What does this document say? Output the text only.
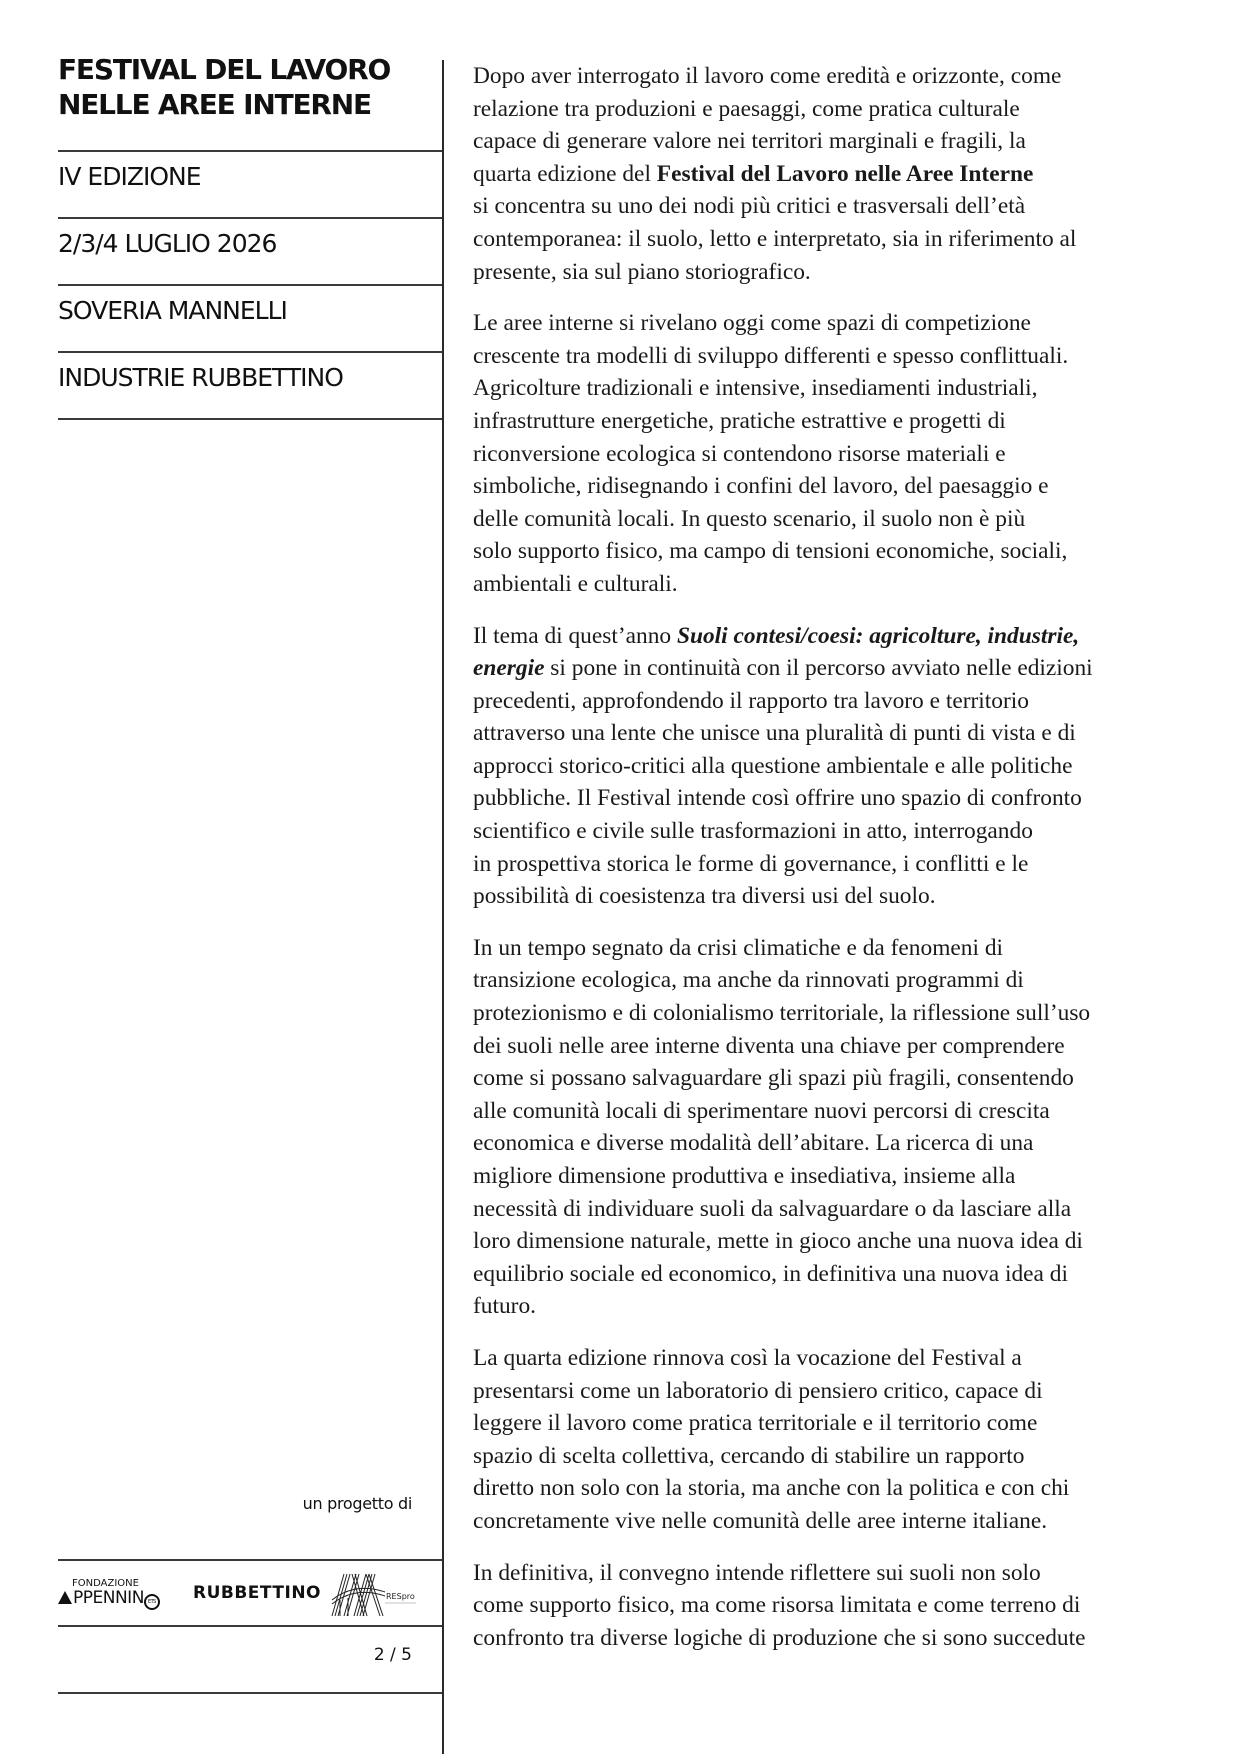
FESTIVAL DEL LAVORO
NELLE AREE INTERNE
IV EDIZIONE
2/3/4 LUGLIO 2026
SOVERIA MANNELLI
INDUSTRIE RUBBETTINO
un progetto di
FONDAZIONE
PPENNIN ETS RUBBETTINO	RESpro
2 / 5

Dopo aver interrogato il lavoro come eredità e orizzonte, come
relazione tra produzioni e paesaggi, come pratica culturale
capace di generare valore nei territori marginali e fragili, la
quarta edizione del Festival del Lavoro nelle Aree Interne
si concentra su uno dei nodi più critici e trasversali dell’età
contemporanea: il suolo, letto e interpretato, sia in riferimento al
presente, sia sul piano storiografico.

Le aree interne si rivelano oggi come spazi di competizione
crescente tra modelli di sviluppo differenti e spesso conflittuali.
Agricolture tradizionali e intensive, insediamenti industriali,
infrastrutture energetiche, pratiche estrattive e progetti di
riconversione ecologica si contendono risorse materiali e
simboliche, ridisegnando i confini del lavoro, del paesaggio e
delle comunità locali. In questo scenario, il suolo non è più
solo supporto fisico, ma campo di tensioni economiche, sociali,
ambientali e culturali.

Il tema di quest’anno Suoli contesi/coesi: agricolture, industrie,
energie si pone in continuità con il percorso avviato nelle edizioni
precedenti, approfondendo il rapporto tra lavoro e territorio
attraverso una lente che unisce una pluralità di punti di vista e di
approcci storico-critici alla questione ambientale e alle politiche
pubbliche. Il Festival intende così offrire uno spazio di confronto
scientifico e civile sulle trasformazioni in atto, interrogando
in prospettiva storica le forme di governance, i conflitti e le
possibilità di coesistenza tra diversi usi del suolo.

In un tempo segnato da crisi climatiche e da fenomeni di
transizione ecologica, ma anche da rinnovati programmi di
protezionismo e di colonialismo territoriale, la riflessione sull’uso
dei suoli nelle aree interne diventa una chiave per comprendere
come si possano salvaguardare gli spazi più fragili, consentendo
alle comunità locali di sperimentare nuovi percorsi di crescita
economica e diverse modalità dell’abitare. La ricerca di una
migliore dimensione produttiva e insediativa, insieme alla
necessità di individuare suoli da salvaguardare o da lasciare alla
loro dimensione naturale, mette in gioco anche una nuova idea di
equilibrio sociale ed economico, in definitiva una nuova idea di
futuro.

La quarta edizione rinnova così la vocazione del Festival a
presentarsi come un laboratorio di pensiero critico, capace di
leggere il lavoro come pratica territoriale e il territorio come
spazio di scelta collettiva, cercando di stabilire un rapporto
diretto non solo con la storia, ma anche con la politica e con chi
concretamente vive nelle comunità delle aree interne italiane.

In definitiva, il convegno intende riflettere sui suoli non solo
come supporto fisico, ma come risorsa limitata e come terreno di
confronto tra diverse logiche di produzione che si sono succedute
